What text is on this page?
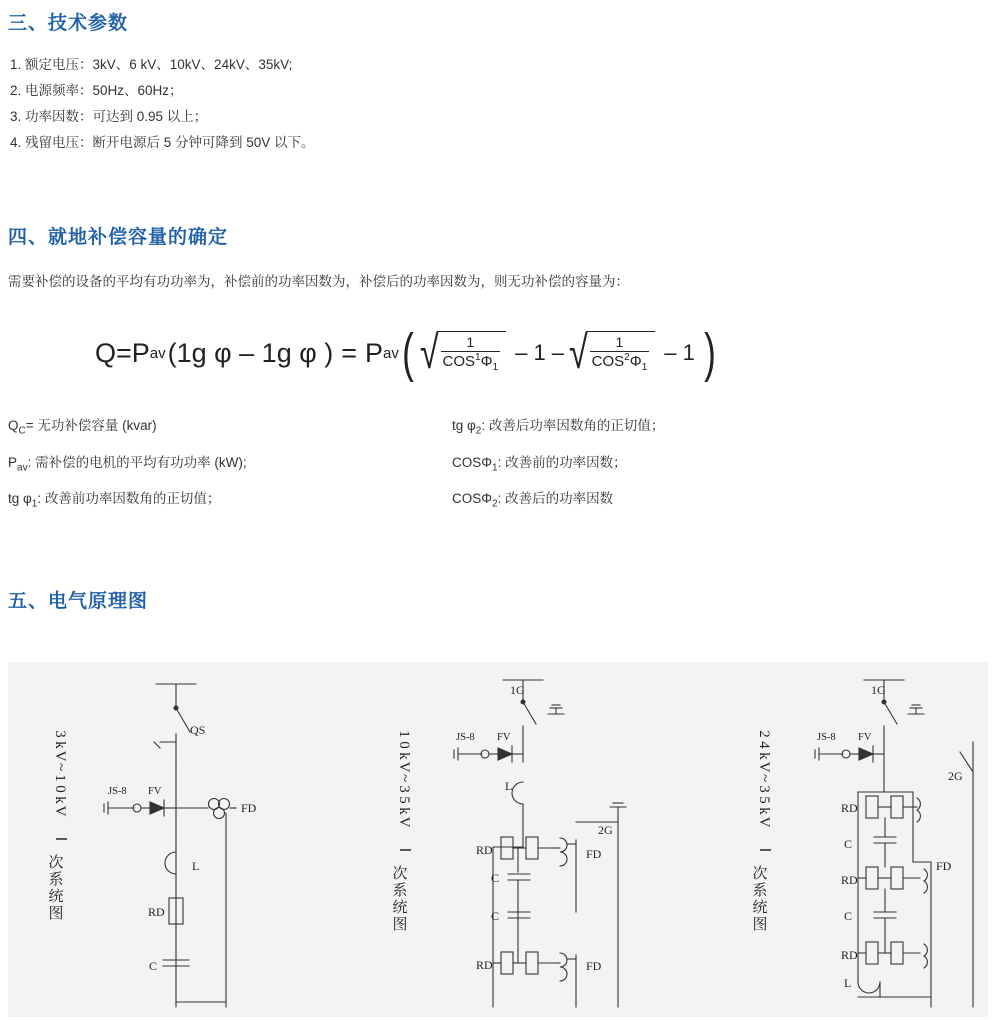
三、技术参数
1. 额定电压：3kV、6 kV、10kV、24kV、35kV;
2. 电源频率：50Hz、60Hz；
3. 功率因数：可达到 0.95 以上；
4. 残留电压：断开电源后 5 分钟可降到 50V 以下。
四、就地补偿容量的确定
需要补偿的设备的平均有功功率为，补偿前的功率因数为，补偿后的功率因数为，则无功补偿的容量为：
Q=P av (1g φ – 1g φ ) = P av ( √ $\frac{1}{COS^1\Phi_1} - 1$ – √ $\frac{1}{COS^2\Phi_1} - 1$ )
$Q_C=$ 无功补偿容量 (kvar)
$P_{av}$: 需补偿的电机的平均有功功率 (kW);
tg $\varphi_1$: 改善前功率因数角的正切值；
tg $\varphi_2$: 改善后功率因数角的正切值；
$COS\Phi_1$: 改善前的功率因数；
$COS\Phi_2$: 改善后的功率因数
五、电气原理图
3
k
V
~
1
0
k
V
Ⅰ
次
系
统
图
1
0
k
V
~
3
5
k
V
Ⅰ
次
系
统
图
2
4
k
V
~
3
5
k
V
Ⅰ
次
系
统
图
QS
JS-8 FV
FD
L
RD
C
1G
JS-8 FV
L
RD
C
C
RD
2G
FD
FD
1G
JS-8 FV
RD
C
RD
C
RD
L
2G
FD
